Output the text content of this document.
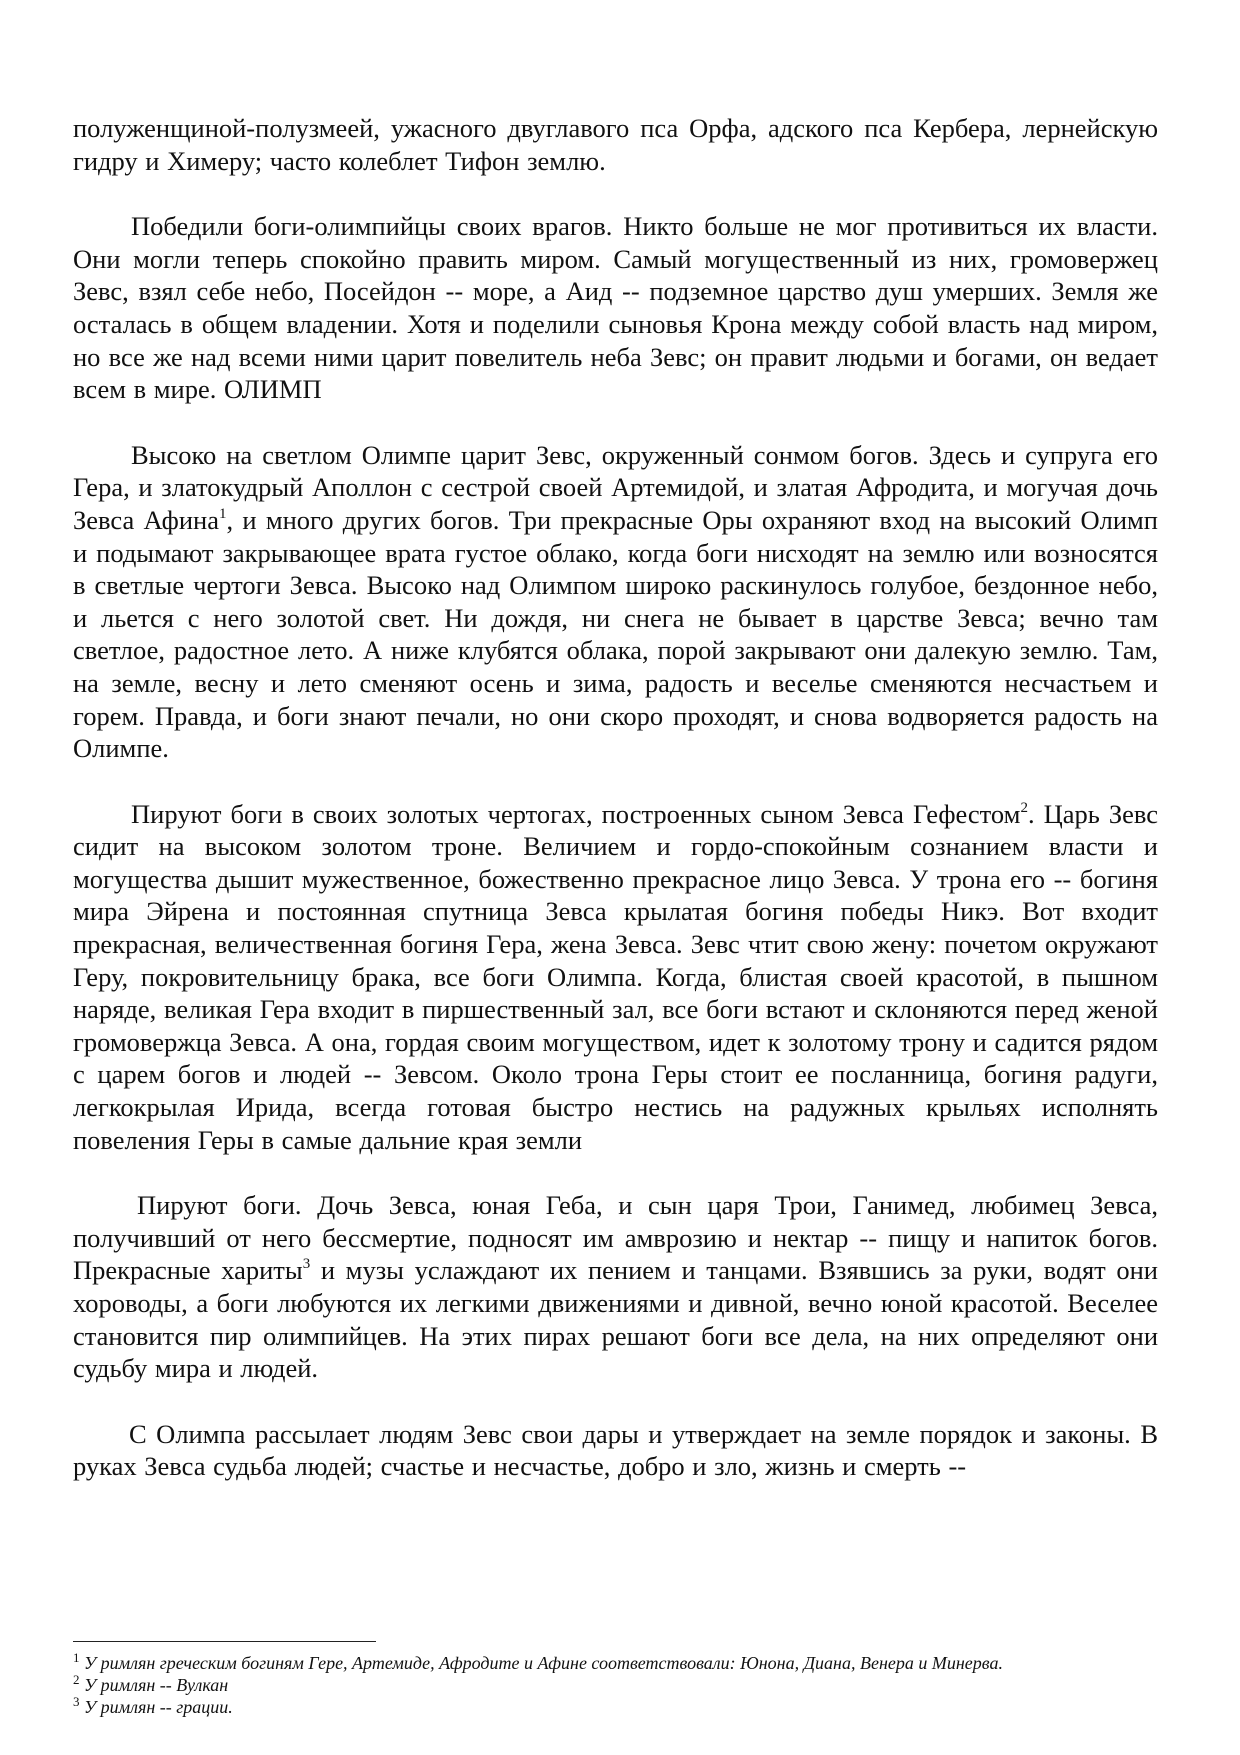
полуженщиной-полузмеей, ужасного двуглавого пса Орфа, адского пса Кербера, лернейскую гидру и Химеру; часто колеблет Тифон землю.

Победили боги-олимпийцы своих врагов. Никто больше не мог противиться их власти. Они могли теперь спокойно править миром. Самый могущественный из них, громовержец Зевс, взял себе небо, Посейдон -- море, а Аид -- подземное царство душ умерших. Земля же осталась в общем владении. Хотя и поделили сыновья Крона между собой власть над миром, но все же над всеми ними царит повелитель неба Зевс; он правит людьми и богами, он ведает всем в мире. ОЛИМП

Высоко на светлом Олимпе царит Зевс, окруженный сонмом богов. Здесь и супруга его Гера, и златокудрый Аполлон с сестрой своей Артемидой, и златая Афродита, и могучая дочь Зевса Афина$^1$, и много других богов. Три прекрасные Оры охраняют вход на высокий Олимп и подымают закрывающее врата густое облако, когда боги нисходят на землю или возносятся в светлые чертоги Зевса. Высоко над Олимпом широко раскинулось голубое, бездонное небо, и льется с него золотой свет. Ни дождя, ни снега не бывает в царстве Зевса; вечно там светлое, радостное лето. А ниже клубятся облака, порой закрывают они далекую землю. Там, на земле, весну и лето сменяют осень и зима, радость и веселье сменяются несчастьем и горем. Правда, и боги знают печали, но они скоро проходят, и снова водворяется радость на Олимпе.

Пируют боги в своих золотых чертогах, построенных сыном Зевса Гефестом$^2$. Царь Зевс сидит на высоком золотом троне. Величием и гордо-спокойным сознанием власти и могущества дышит мужественное, божественно прекрасное лицо Зевса. У трона его -- богиня мира Эйрена и постоянная спутница Зевса крылатая богиня победы Никэ. Вот входит прекрасная, величественная богиня Гера, жена Зевса. Зевс чтит свою жену: почетом окружают Геру, покровительницу брака, все боги Олимпа. Когда, блистая своей красотой, в пышном наряде, великая Гера входит в пиршественный зал, все боги встают и склоняются перед женой громовержца Зевса. А она, гордая своим могуществом, идет к золотому трону и садится рядом с царем богов и людей -- Зевсом. Около трона Геры стоит ее посланница, богиня радуги, легкокрылая Ирида, всегда готовая быстро нестись на радужных крыльях исполнять повеления Геры в самые дальние края земли

Пируют боги. Дочь Зевса, юная Геба, и сын царя Трои, Ганимед, любимец Зевса, получивший от него бессмертие, подносят им амврозию и нектар -- пищу и напиток богов. Прекрасные хариты$^3$ и музы услаждают их пением и танцами. Взявшись за руки, водят они хороводы, а боги любуются их легкими движениями и дивной, вечно юной красотой. Веселее становится пир олимпийцев. На этих пирах решают боги все дела, на них определяют они судьбу мира и людей.

С Олимпа рассылает людям Зевс свои дары и утверждает на земле порядок и законы. В руках Зевса судьба людей; счастье и несчастье, добро и зло, жизнь и смерть --

$^1$ У римлян греческим богиням Гере, Артемиде, Афродите и Афине соответствовали: Юнона, Диана, Венера и Минерва.

$^2$ У римлян -- Вулкан

$^3$ У римлян -- грации.
